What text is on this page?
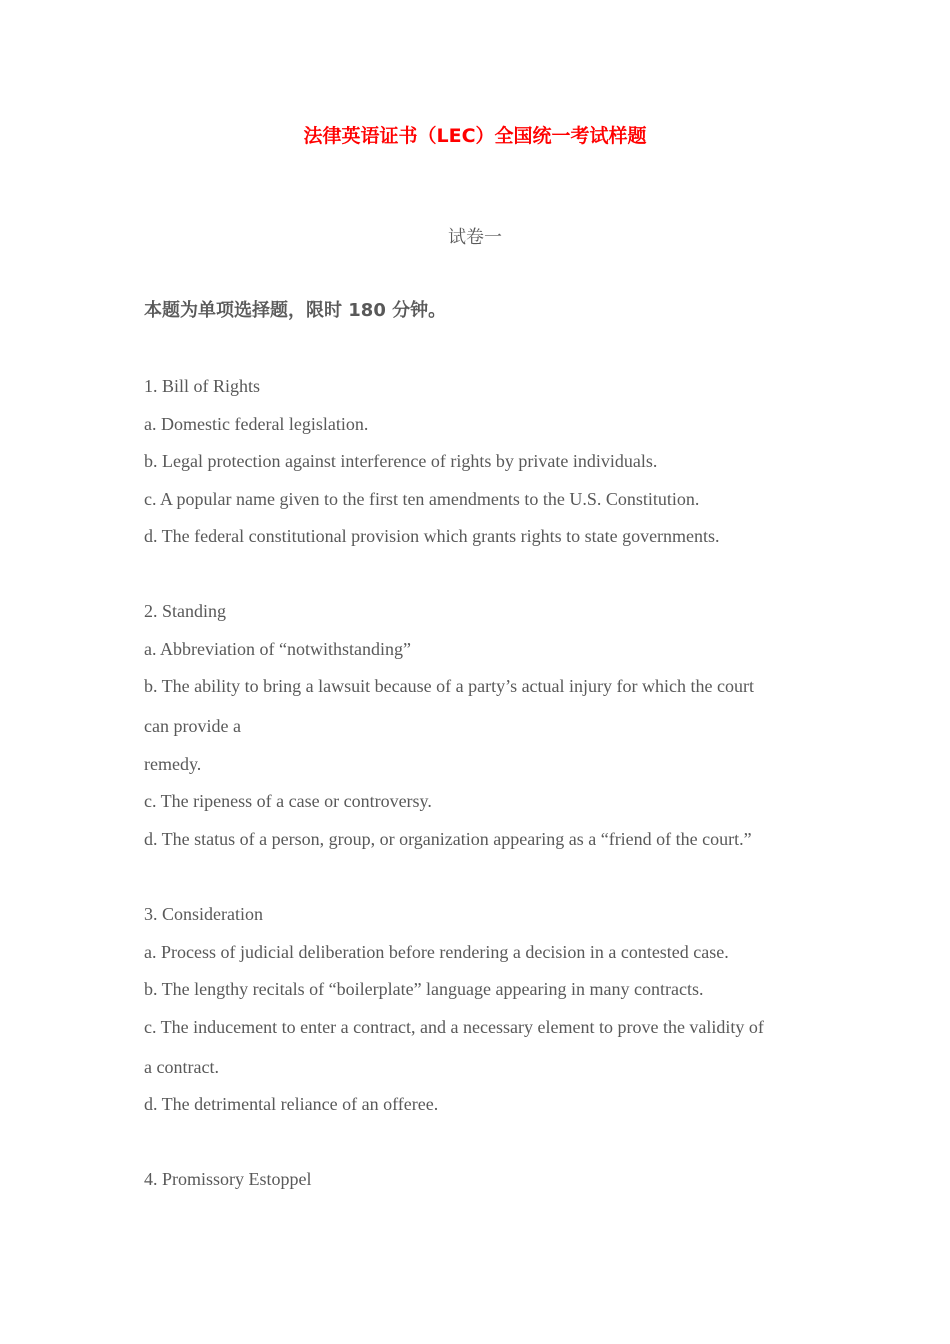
法律英语证书（LEC）全国统一考试样题
试卷一
本题为单项选择题，限时 180 分钟。
1. Bill of Rights
a. Domestic federal legislation.
b. Legal protection against interference of rights by private individuals.
c. A popular name given to the first ten amendments to the U.S. Constitution.
d. The federal constitutional provision which grants rights to state governments.
2. Standing
a. Abbreviation of “notwithstanding”
b. The ability to bring a lawsuit because of a party’s actual injury for which the court
can provide a
remedy.
c. The ripeness of a case or controversy.
d. The status of a person, group, or organization appearing as a “friend of the court.”
3. Consideration
a. Process of judicial deliberation before rendering a decision in a contested case.
b. The lengthy recitals of “boilerplate” language appearing in many contracts.
c. The inducement to enter a contract, and a necessary element to prove the validity of
a contract.
d. The detrimental reliance of an offeree.
4. Promissory Estoppel
